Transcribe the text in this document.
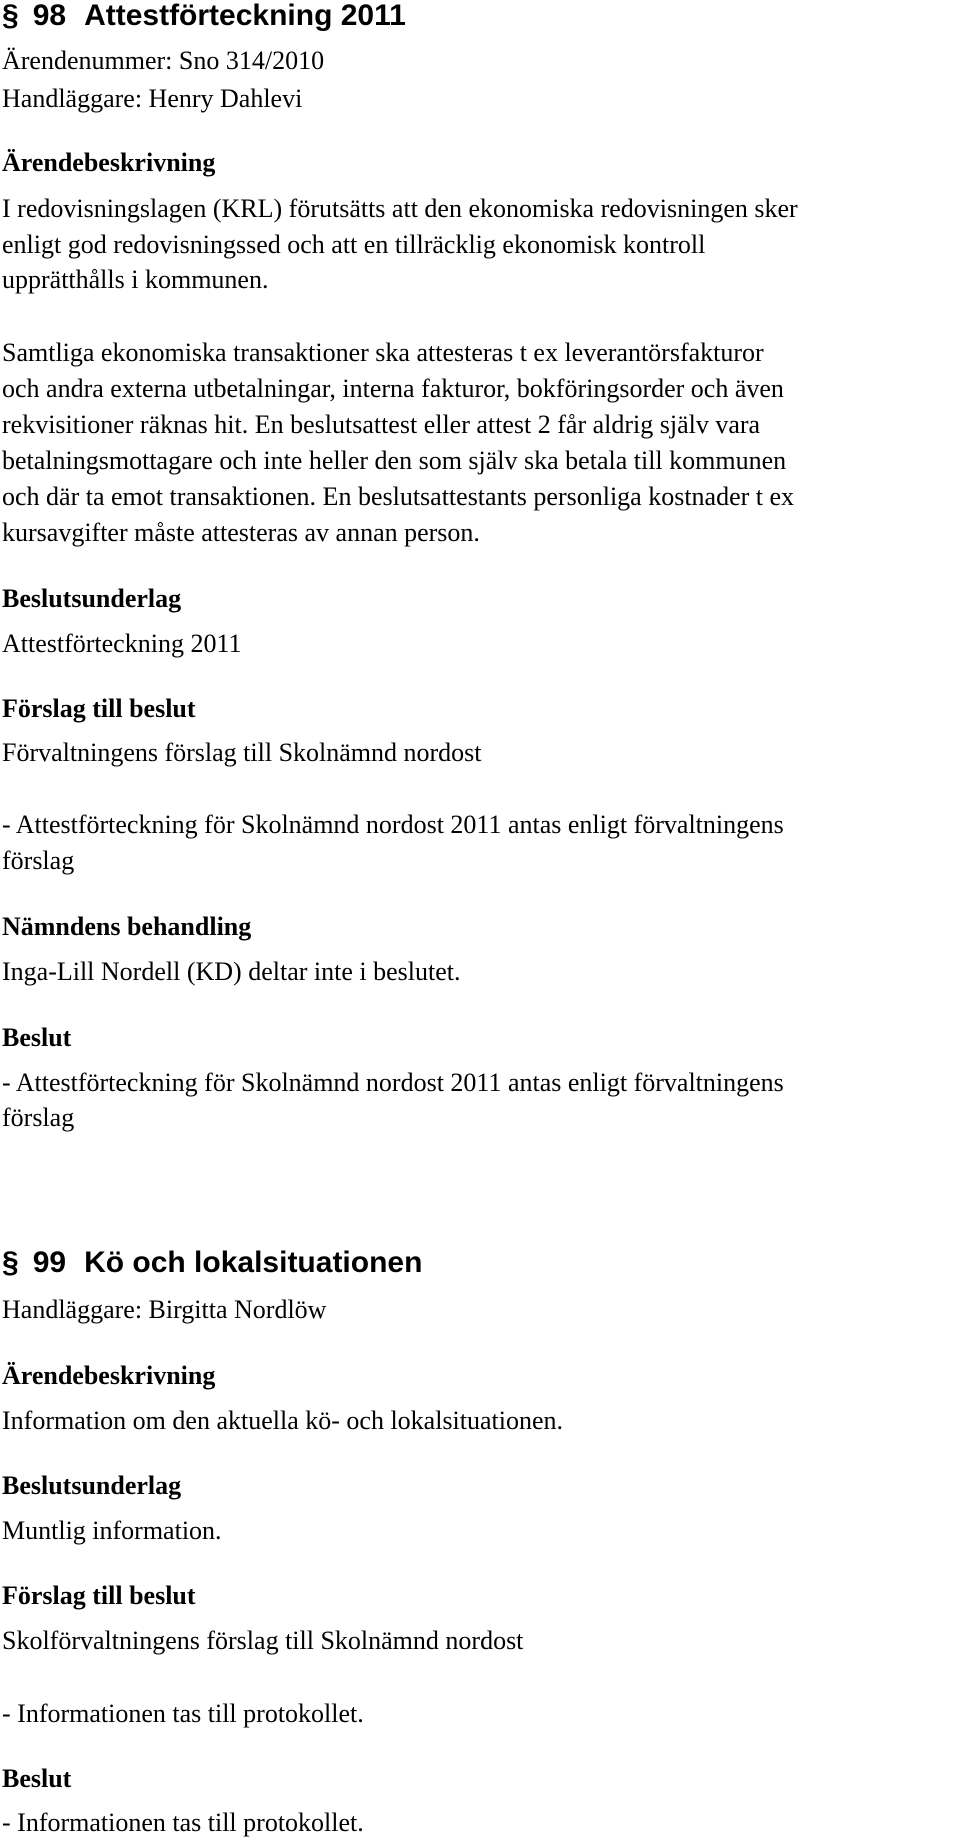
§ 98 Attestförteckning 2011
Ärendenummer: Sno 314/2010
Handläggare: Henry Dahlevi
Ärendebeskrivning
I redovisningslagen (KRL) förutsätts att den ekonomiska redovisningen sker
enligt god redovisningssed och att en tillräcklig ekonomisk kontroll
upprätthålls i kommunen.
Samtliga ekonomiska transaktioner ska attesteras t ex leverantörsfakturor
och andra externa utbetalningar, interna fakturor, bokföringsorder och även
rekvisitioner räknas hit. En beslutsattest eller attest 2 får aldrig själv vara
betalningsmottagare och inte heller den som själv ska betala till kommunen
och där ta emot transaktionen. En beslutsattestants personliga kostnader t ex
kursavgifter måste attesteras av annan person.
Beslutsunderlag
Attestförteckning 2011
Förslag till beslut
Förvaltningens förslag till Skolnämnd nordost
- Attestförteckning för Skolnämnd nordost 2011 antas enligt förvaltningens
förslag
Nämndens behandling
Inga-Lill Nordell (KD) deltar inte i beslutet.
Beslut
- Attestförteckning för Skolnämnd nordost 2011 antas enligt förvaltningens
förslag
§ 99 Kö och lokalsituationen
Handläggare: Birgitta Nordlöw
Ärendebeskrivning
Information om den aktuella kö- och lokalsituationen.
Beslutsunderlag
Muntlig information.
Förslag till beslut
Skolförvaltningens förslag till Skolnämnd nordost
- Informationen tas till protokollet.
Beslut
- Informationen tas till protokollet.
